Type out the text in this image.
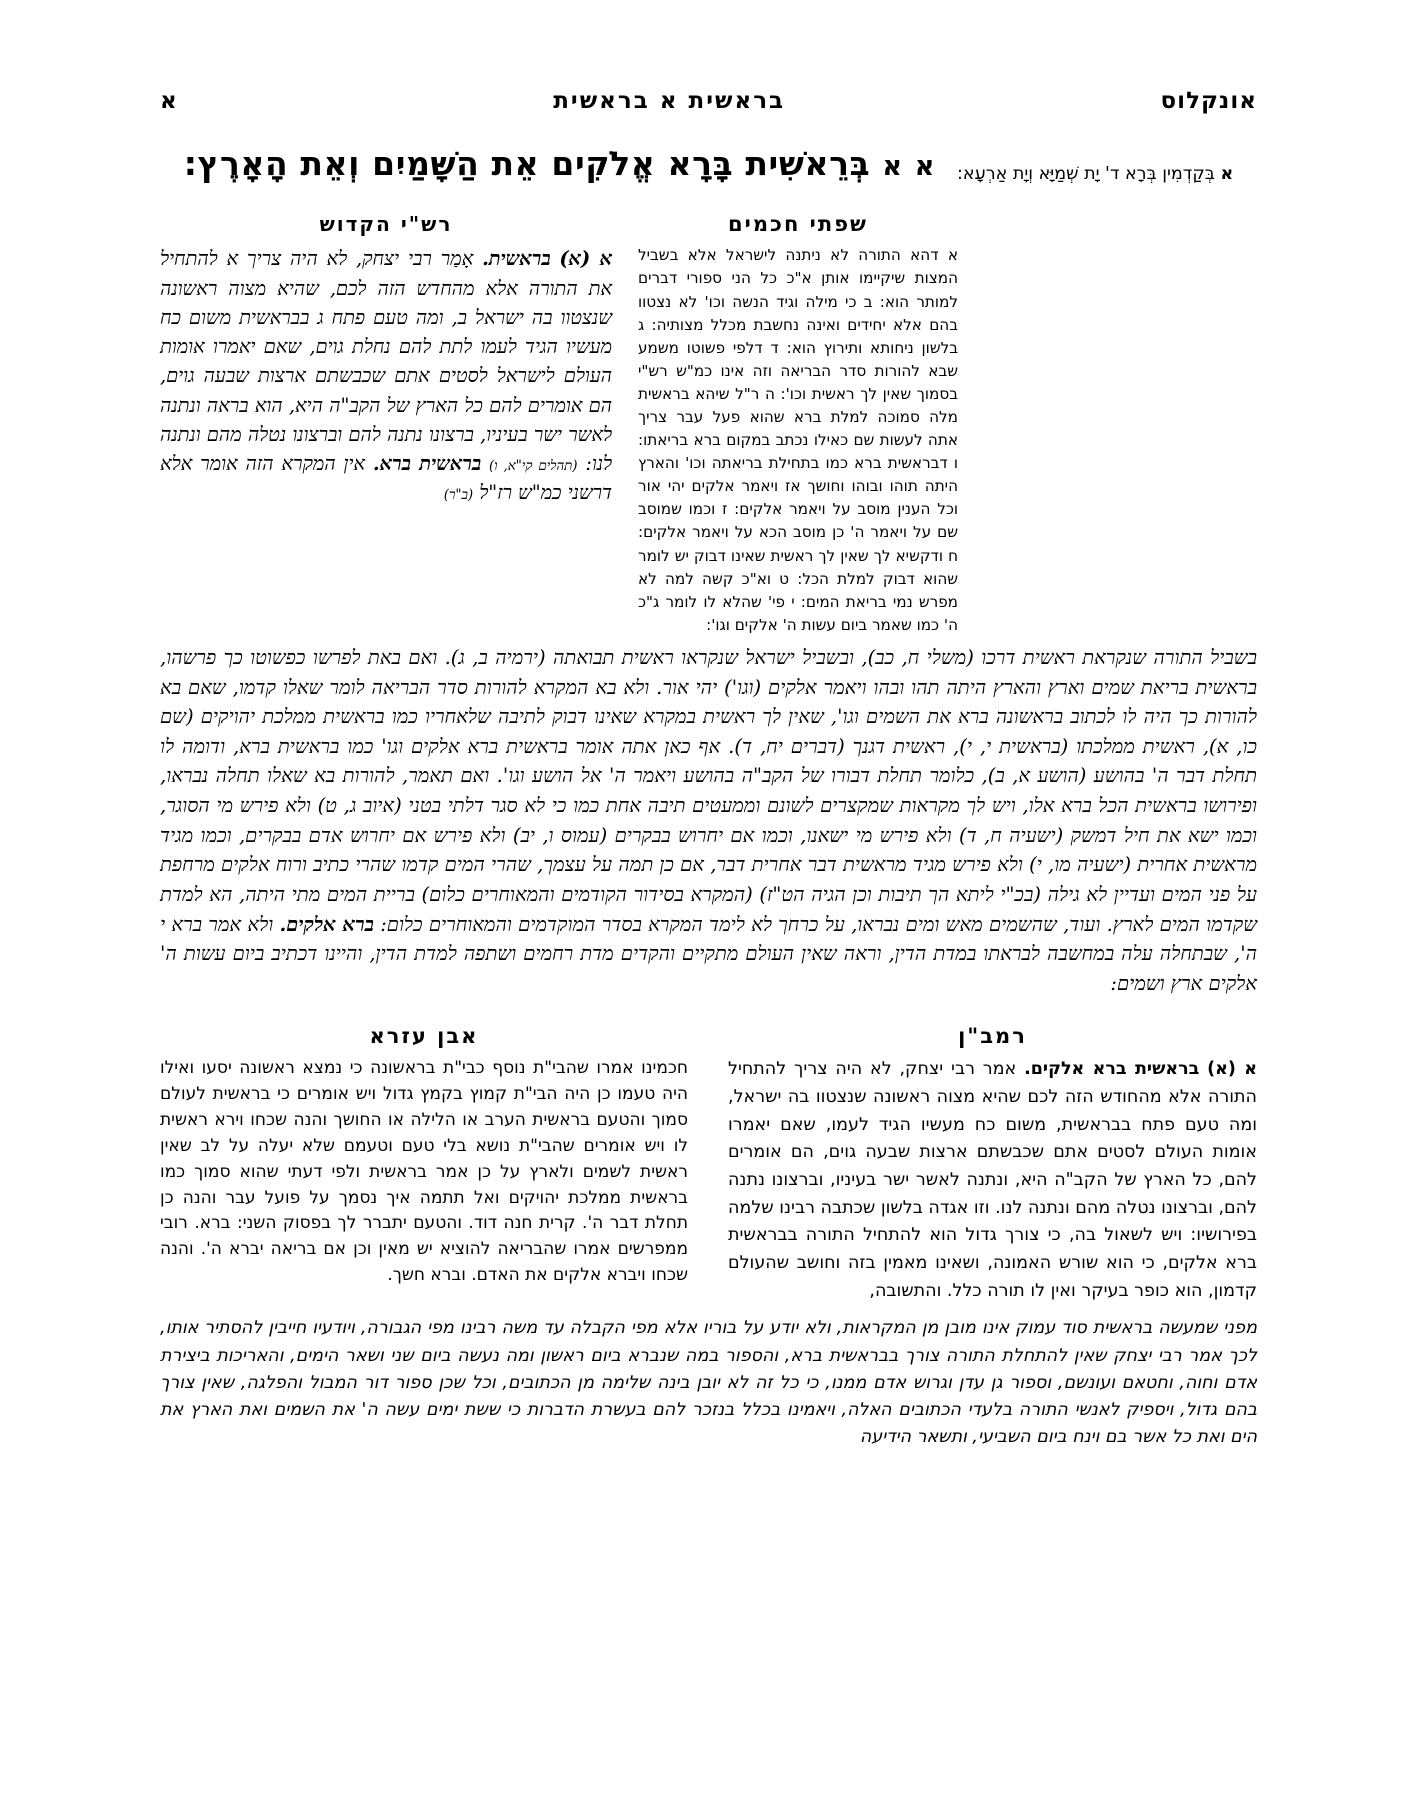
אונקלוס
בראשית א בראשית
א
א בְּקַדְמִין בְּרָא ד' יָת שְׁמַיָּא וְיָת אַרְעָא:
א א בְּרֵאשִׁית בָּרָא אֱלֹקִים אֵת הַשָּׁמַיִם וְאֵת הָאָרֶץ:
שפתי חכמים
א דהא התורה לא ניתנה לישראל אלא בשביל המצות שיקיימו אותן א"כ כל הני ספורי דברים למותר הוא: ב כי מילה וגיד הנשה וכו' לא נצטוו בהם אלא יחידים ואינה נחשבת מכלל מצותיה: ג בלשון ניחותא ותירוץ הוא: ד דלפי פשוטו משמע שבא להורות סדר הבריאה וזה אינו כמ"ש רש"י בסמוך שאין לך ראשית וכו': ה ר"ל שיהא בראשית מלה סמוכה למלת ברא שהוא פעל עבר צריך אתה לעשות שם כאילו נכתב במקום ברא בריאתו: ו דבראשית ברא כמו בתחילת בריאתה וכו' והארץ היתה תוהו ובוהו וחושך אז ויאמר אלקים יהי אור וכל הענין מוסב על ויאמר אלקים: ז וכמו שמוסב שם על ויאמר ה' כן מוסב הכא על ויאמר אלקים: ח ודקשיא לך שאין לך ראשית שאינו דבוק יש לומר שהוא דבוק למלת הכל: ט וא"כ קשה למה לא מפרש נמי בריאת המים: י פי' שהלא לו לומר ג"כ ה' כמו שאמר ביום עשות ה' אלקים וגו':
רש"י הקדוש
א (א) בראשית. אָמַר רבי יצחק, לא היה צריך א להתחיל את התורה אלא מהחדש הזה לכם, שהיא מצוה ראשונה שנצטוו בה ישראל ב, ומה טעם פתח ג בבראשית משום כח מעשיו הגיד לעמו לתת להם נחלת גוים, שאם יאמרו אומות העולם לישראל לסטים אתם שכבשתם ארצות שבעה גוים, הם אומרים להם כל הארץ של הקב"ה היא, הוא בראה ונתנה לאשר ישר בעיניו, ברצונו נתנה להם וברצונו נטלה מהם ונתנה לנו: (תהלים קי"א, ו) בראשית ברא. אין המקרא הזה אומר אלא דרשני כמ"ש רז"ל (ב"ר)
בשביל התורה שנקראת ראשית דרכו (משלי ח, כב), ובשביל ישראל שנקראו ראשית תבואתה (ירמיה ב, ג). ואם באת לפרשו כפשוטו כך פרשהו, בראשית בריאת שמים וארץ והארץ היתה תהו ובהו ויאמר אלקים (וגו') יהי אור. ולא בא המקרא להורות סדר הבריאה לומר שאלו קדמו, שאם בא להורות כך היה לו לכתוב בראשונה ברא את השמים וגו', שאין לך ראשית במקרא שאינו דבוק לתיבה שלאחריו כמו בראשית ממלכת יהויקים (שם כו, א), ראשית ממלכתו (בראשית י, י), ראשית דגנך (דברים יח, ד). אף כאן אתה אומר בראשית ברא אלקים וגו' כמו בראשית ברא, ודומה לו תחלת דבר ה' בהושע (הושע א, ב), כלומר תחלת דבורו של הקב"ה בהושע ויאמר ה' אל הושע וגו'. ואם תאמר, להורות בא שאלו תחלה נבראו, ופירושו בראשית הכל ברא אלו, ויש לך מקראות שמקצרים לשונם וממעטים תיבה אחת כמו כי לא סגר דלתי בטני (איוב ג, ט) ולא פירש מי הסוגר, וכמו ישא את חיל דמשק (ישעיה ח, ד) ולא פירש מי ישאנו, וכמו אם יחרוש בבקרים (עמוס ו, יב) ולא פירש אם יחרוש אדם בבקרים, וכמו מגיד מראשית אחרית (ישעיה מו, י) ולא פירש מגיד מראשית דבר אחרית דבר, אם כן תמה על עצמך, שהרי המים קדמו שהרי כתיב ורוח אלקים מרחפת על פני המים ועדיין לא גילה (בכ"י ליתא הך תיבות וכן הגיה הט"ז) (המקרא בסידור הקודמים והמאוחרים כלום) בריית המים מתי היתה, הא למדת שקדמו המים לארץ. ועוד, שהשמים מאש ומים נבראו, על כרחך לא לימד המקרא בסדר המוקדמים והמאוחרים כלום: ברא אלקים. ולא אמר ברא י ה', שבתחלה עלה במחשבה לבראתו במדת הדין, וראה שאין העולם מתקיים והקדים מדת רחמים ושתפה למדת הדין, והיינו דכתיב ביום עשות ה' אלקים ארץ ושמים:
רמב"ן
א (א) בראשית ברא אלקים. אמר רבי יצחק, לא היה צריך להתחיל התורה אלא מהחודש הזה לכם שהיא מצוה ראשונה שנצטוו בה ישראל, ומה טעם פתח בבראשית, משום כח מעשיו הגיד לעמו, שאם יאמרו אומות העולם לסטים אתם שכבשתם ארצות שבעה גוים, הם אומרים להם, כל הארץ של הקב"ה היא, ונתנה לאשר ישר בעיניו, וברצונו נתנה להם, וברצונו נטלה מהם ונתנה לנו. וזו אגדה בלשון שכתבה רבינו שלמה בפירושיו: ויש לשאול בה, כי צורך גדול הוא להתחיל התורה בבראשית ברא אלקים, כי הוא שורש האמונה, ושאינו מאמין בזה וחושב שהעולם קדמון, הוא כופר בעיקר ואין לו תורה כלל. והתשובה,
אבן עזרא
חכמינו אמרו שהבי"ת נוסף כבי"ת בראשונה כי נמצא ראשונה יסעו ואילו היה טעמו כן היה הבי"ת קמוץ בקמץ גדול ויש אומרים כי בראשית לעולם סמוך והטעם בראשית הערב או הלילה או החושך והנה שכחו וירא ראשית לו ויש אומרים שהבי"ת נושא בלי טעם וטעמם שלא יעלה על לב שאין ראשית לשמים ולארץ על כן אמר בראשית ולפי דעתי שהוא סמוך כמו בראשית ממלכת יהויקים ואל תתמה איך נסמך על פועל עבר והנה כן תחלת דבר ה'. קרית חנה דוד. והטעם יתברר לך בפסוק השני: ברא. רובי ממפרשים אמרו שהבריאה להוציא יש מאין וכן אם בריאה יברא ה'. והנה שכחו ויברא אלקים את האדם. וברא חשך.
מפני שמעשה בראשית סוד עמוק אינו מובן מן המקראות, ולא יודע על בוריו אלא מפי הקבלה עד משה רבינו מפי הגבורה, ויודעיו חייבין להסתיר אותו, לכך אמר רבי יצחק שאין להתחלת התורה צורך בבראשית ברא, והספור במה שנברא ביום ראשון ומה נעשה ביום שני ושאר הימים, והאריכות ביצירת אדם וחוה, וחטאם ועונשם, וספור גן עדן וגרוש אדם ממנו, כי כל זה לא יובן בינה שלימה מן הכתובים, וכל שכן ספור דור המבול והפלגה, שאין צורך בהם גדול, ויספיק לאנשי התורה בלעדי הכתובים האלה, ויאמינו בכלל בנזכר להם בעשרת הדברות כי ששת ימים עשה ה' את השמים ואת הארץ את הים ואת כל אשר בם וינח ביום השביעי, ותשאר הידיעה
